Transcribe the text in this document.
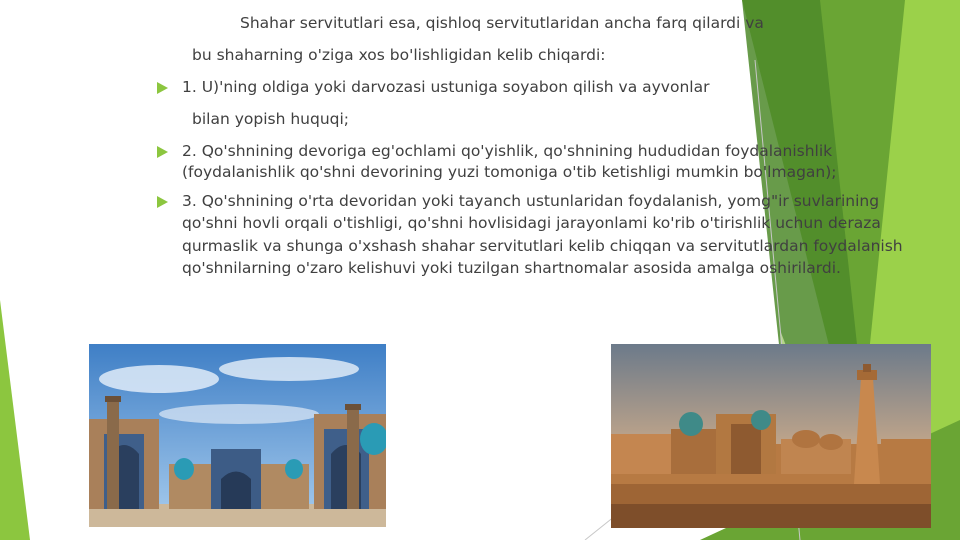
Shahar servitutlari esa, qishloq servitutlaridan ancha farq qilardi va
bu shaharning o'ziga xos bo'lishligidan kelib chiqardi:
1. U)'ning oldiga yoki darvozasi ustuniga soyabon qilish va ayvonlar
bilan yopish huquqi;
2. Qo'shnining devoriga eg'ochlami qo'yishlik, qo'shnining hududidan foydalanishlik
(foydalanishlik qo'shni devorining yuzi tomoniga o'tib ketishligi mumkin bo'lmagan);
3. Qo'shnining o'rta devoridan yoki tayanch ustunlaridan foydalanish, yomg"ir suvlarining
qo'shni hovli orqali o'tishligi, qo'shni hovlisidagi jarayonlami ko'rib o'tirishlik uchun deraza
qurmaslik va shunga o'xshash shahar servitutlari kelib chiqqan va servitutlardan foydalanish
qo'shnilarning o'zaro kelishuvi yoki tuzilgan shartnomalar asosida amalga oshirilardi.
